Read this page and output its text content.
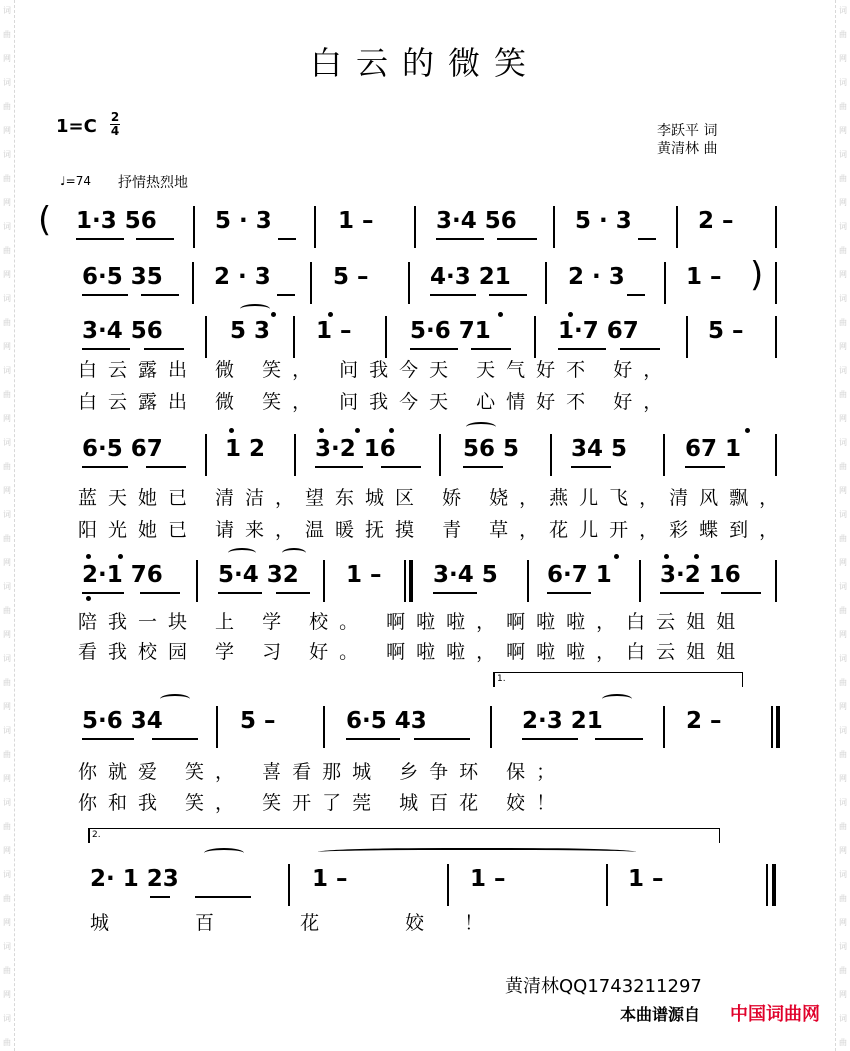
词
曲
网
词
曲
网
词
曲
网
词
曲
网
词
曲
网
词
曲
网
词
曲
网
词
曲
网
词
曲
网
词
曲
网
词
曲
网
词
曲
网
词
曲
网
词
曲
网
词
曲
词
曲
网
词
曲
网
词
曲
网
词
曲
网
词
曲
网
词
曲
网
词
曲
网
词
曲
网
词
曲
网
词
曲
网
词
曲
网
词
曲
网
词
曲
网
词
曲
网
词
曲
白云的微笑
1=C 2
4	李跃平 词
黄清林 曲
♩=74 抒情热烈地
(
)
1·3 56	5 · 3	1 –	3·4 56	5 · 3	2 –
6·5 35 2 · 3	5 –	4·3 21 2 · 3	1 –
3·4 56	5 3 1 –	5·6 71	1·7 67	5 –
白云露出 微 笑， 问我今天 天气好不 好，
白云露出 微 笑， 问我今天 心情好不 好，
6·5 67	1 2 3·2 16	56 5 34 5	67 1
蓝天她已 清洁，望东城区 娇 娆，燕儿飞，清风飘，
阳光她已 请来，温暖抚摸 青 草，花儿开，彩蝶到，
2·1 76 5·4 32 1 – 3·4 5 6·7 1 3·2 16
陪我一块 上 学 校。 啊啦啦，啊啦啦，白云姐姐
看我校园 学 习 好。 啊啦啦，啊啦啦，白云姐姐
1.
5·6 34	5 –	6·5 43	2·3 21	2 –
你就爱 笑， 喜看那城 乡争环 保；
你和我 笑， 笑开了莞 城百花 姣！
2.
2· 1 23	1 –	1 –	1 –
城 百 花 姣！
黄清林QQ1743211297
本曲谱源自 中国词曲网
